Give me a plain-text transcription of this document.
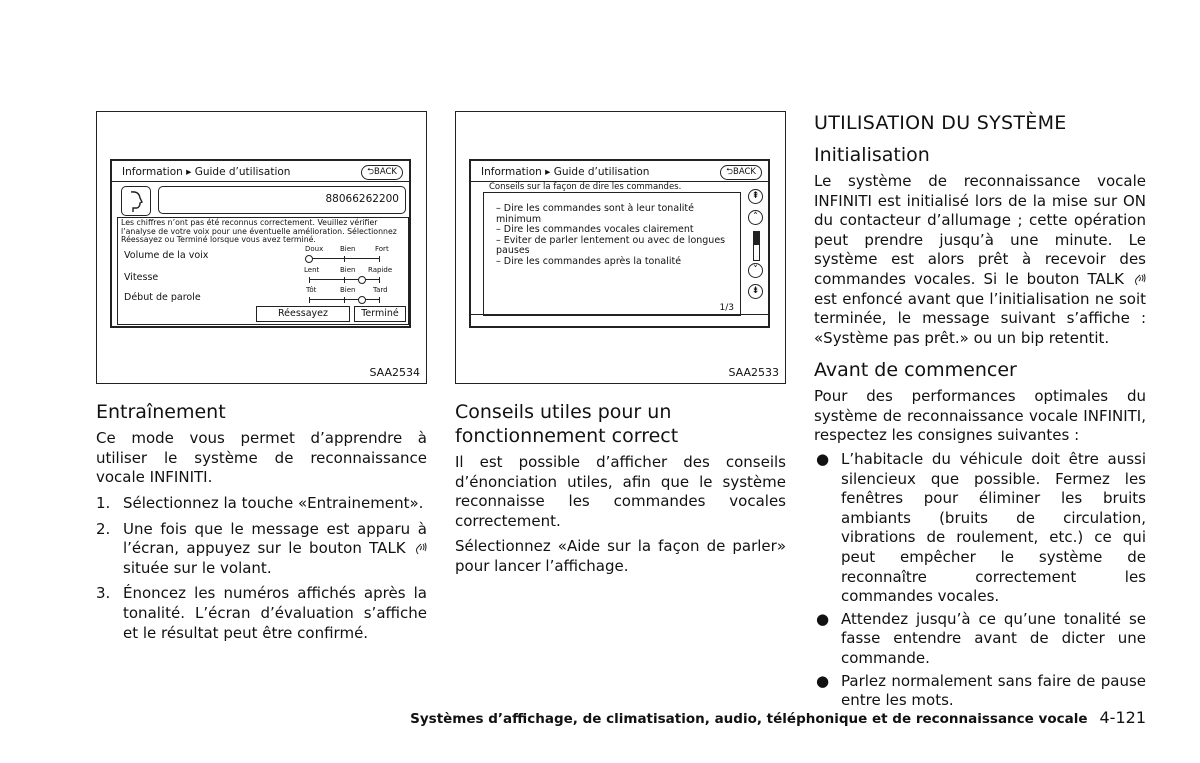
Information ▸ Guide d’utilisation	⮌BACK
88066262200
Les chiffres n’ont pas été reconnus correctement. Veuillez vérifier l’analyse de votre voix pour une éventuelle amélioration. Sélectionnez Réessayez ou Terminé lorsque vous avez terminé.
Volume de la voix
Doux Bien	Fort
Vitesse
Lent	Bien Rapide
Début de parole
Tôt	Bien	Tard
Réessayez	Terminé
SAA2534
Information ▸ Guide d’utilisation	⮌BACK
Conseils sur la façon de dire les commandes.
– Dire les commandes sont à leur tonalité minimum
– Dire les commandes vocales clairement
– Eviter de parler lentement ou avec de longues pauses
– Dire les commandes après la tonalité
1/3
⇞
˄
˅
⇟
SAA2533
Entraînement

Ce mode vous permet d’apprendre à utiliser le système de reconnaissance vocale INFINITI.

1. Sélectionnez la touche «Entrainement».
2. Une fois que le message est apparu à l’écran, appuyez sur le bouton TALK  située sur le volant.
3. Énoncez les numéros affichés après la tonalité. L’écran d’évaluation s’affiche et le résultat peut être confirmé.
Conseils utiles pour un fonctionnement correct

Il est possible d’afficher des conseils d’énonciation utiles, afin que le système reconnaisse les commandes vocales correctement.

Sélectionnez «Aide sur la façon de parler» pour lancer l’affichage.

UTILISATION DU SYSTÈME
Initialisation

Le système de reconnaissance vocale INFINITI est initialisé lors de la mise sur ON du contacteur d’allumage ; cette opération peut prendre jusqu’à une minute. Le système est alors prêt à recevoir des commandes vocales. Si le bouton TALK  est enfoncé avant que l’initialisation ne soit terminée, le message suivant s’affiche : «Système pas prêt.» ou un bip retentit.

Avant de commencer

Pour des performances optimales du système de reconnaissance vocale INFINITI, respectez les consignes suivantes :

● L’habitacle du véhicule doit être aussi silencieux que possible. Fermez les fenêtres pour éliminer les bruits ambiants (bruits de circulation, vibrations de roulement, etc.) ce qui peut empêcher le système de reconnaître correctement les commandes vocales.
● Attendez jusqu’à ce qu’une tonalité se fasse entendre avant de dicter une commande.
● Parlez normalement sans faire de pause entre les mots.
Systèmes d’affichage, de climatisation, audio, téléphonique et de reconnaissance vocale 4-121
